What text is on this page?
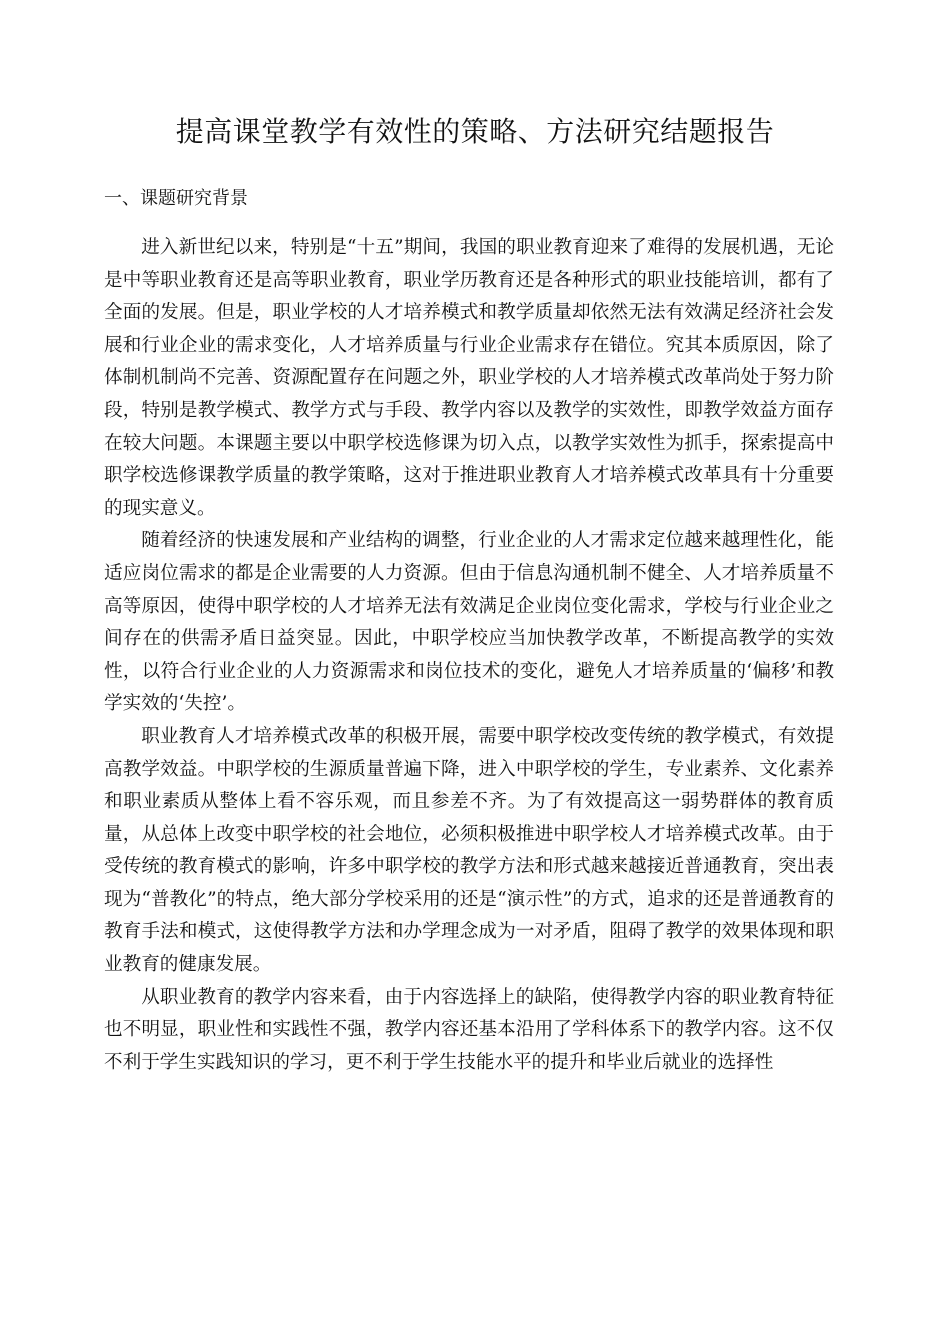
提高课堂教学有效性的策略、方法研究结题报告
一、课题研究背景

进入新世纪以来，特别是“十五”期间，我国的职业教育迎来了难得的发展机遇，无论是中等职业教育还是高等职业教育，职业学历教育还是各种形式的职业技能培训，都有了全面的发展。但是，职业学校的人才培养模式和教学质量却依然无法有效满足经济社会发展和行业企业的需求变化，人才培养质量与行业企业需求存在错位。究其本质原因，除了体制机制尚不完善、资源配置存在问题之外，职业学校的人才培养模式改革尚处于努力阶段，特别是教学模式、教学方式与手段、教学内容以及教学的实效性，即教学效益方面存在较大问题。本课题主要以中职学校选修课为切入点，以教学实效性为抓手，探索提高中职学校选修课教学质量的教学策略，这对于推进职业教育人才培养模式改革具有十分重要的现实意义。

随着经济的快速发展和产业结构的调整，行业企业的人才需求定位越来越理性化，能适应岗位需求的都是企业需要的人力资源。但由于信息沟通机制不健全、人才培养质量不高等原因，使得中职学校的人才培养无法有效满足企业岗位变化需求，学校与行业企业之间存在的供需矛盾日益突显。因此，中职学校应当加快教学改革，不断提高教学的实效性，以符合行业企业的人力资源需求和岗位技术的变化，避免人才培养质量的‘偏移’和教学实效的‘失控’。

职业教育人才培养模式改革的积极开展，需要中职学校改变传统的教学模式，有效提高教学效益。中职学校的生源质量普遍下降，进入中职学校的学生，专业素养、文化素养和职业素质从整体上看不容乐观，而且参差不齐。为了有效提高这一弱势群体的教育质量，从总体上改变中职学校的社会地位，必须积极推进中职学校人才培养模式改革。由于受传统的教育模式的影响，许多中职学校的教学方法和形式越来越接近普通教育，突出表现为“普教化”的特点，绝大部分学校采用的还是“演示性”的方式，追求的还是普通教育的教育手法和模式，这使得教学方法和办学理念成为一对矛盾，阻碍了教学的效果体现和职业教育的健康发展。

从职业教育的教学内容来看，由于内容选择上的缺陷，使得教学内容的职业教育特征也不明显，职业性和实践性不强，教学内容还基本沿用了学科体系下的教学内容。这不仅不利于学生实践知识的学习，更不利于学生技能水平的提升和毕业后就业的选择性
